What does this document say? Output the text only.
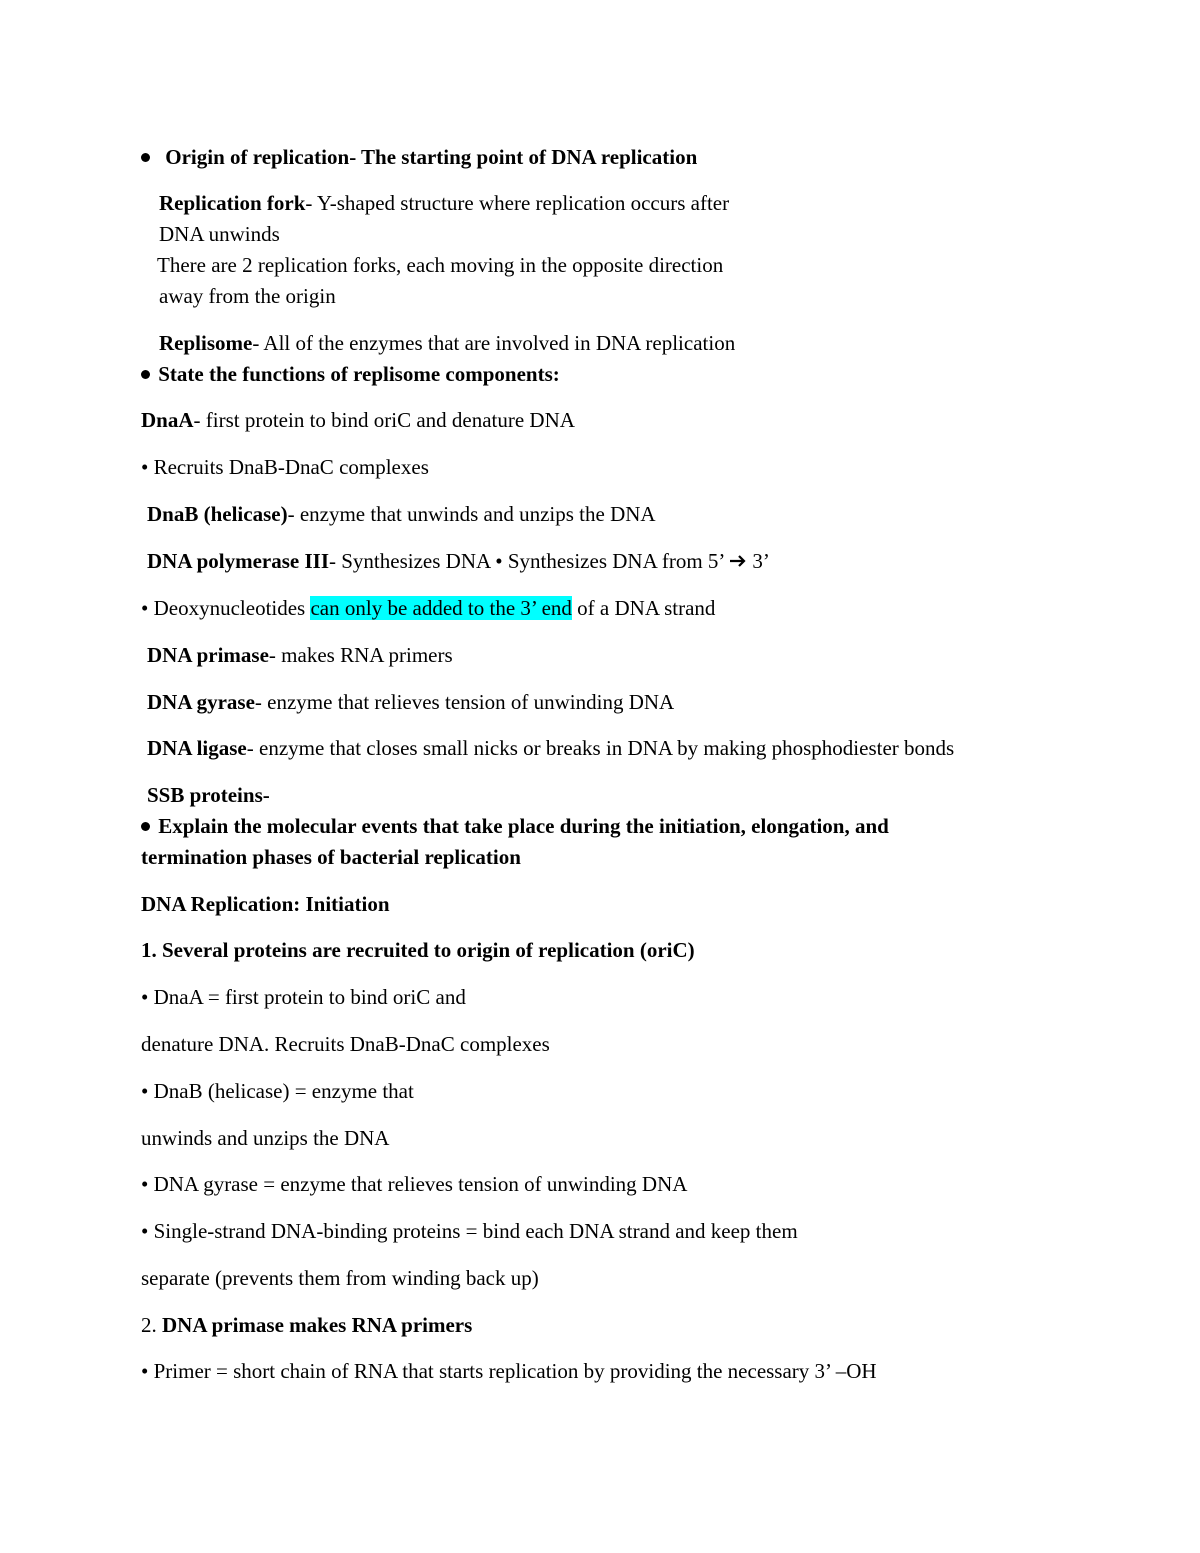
Origin of replication- The starting point of DNA replication
Replication fork- Y-shaped structure where replication occurs after
DNA unwinds
There are 2 replication forks, each moving in the opposite direction
away from the origin
Replisome- All of the enzymes that are involved in DNA replication
State the functions of replisome components:
DnaA- first protein to bind oriC and denature DNA
• Recruits DnaB-DnaC complexes
DnaB (helicase)- enzyme that unwinds and unzips the DNA
DNA polymerase III- Synthesizes DNA • Synthesizes DNA from 5’  3’
• Deoxynucleotides can only be added to the 3’ end of a DNA strand
DNA primase- makes RNA primers
DNA gyrase- enzyme that relieves tension of unwinding DNA
DNA ligase- enzyme that closes small nicks or breaks in DNA by making phosphodiester bonds
SSB proteins-
Explain the molecular events that take place during the initiation, elongation, and
termination phases of bacterial replication
DNA Replication: Initiation
1. Several proteins are recruited to origin of replication (oriC)
• DnaA = first protein to bind oriC and
denature DNA. Recruits DnaB-DnaC complexes
• DnaB (helicase) = enzyme that
unwinds and unzips the DNA
• DNA gyrase = enzyme that relieves tension of unwinding DNA
• Single-strand DNA-binding proteins = bind each DNA strand and keep them
separate (prevents them from winding back up)
2. DNA primase makes RNA primers
• Primer = short chain of RNA that starts replication by providing the necessary 3’ –OH
